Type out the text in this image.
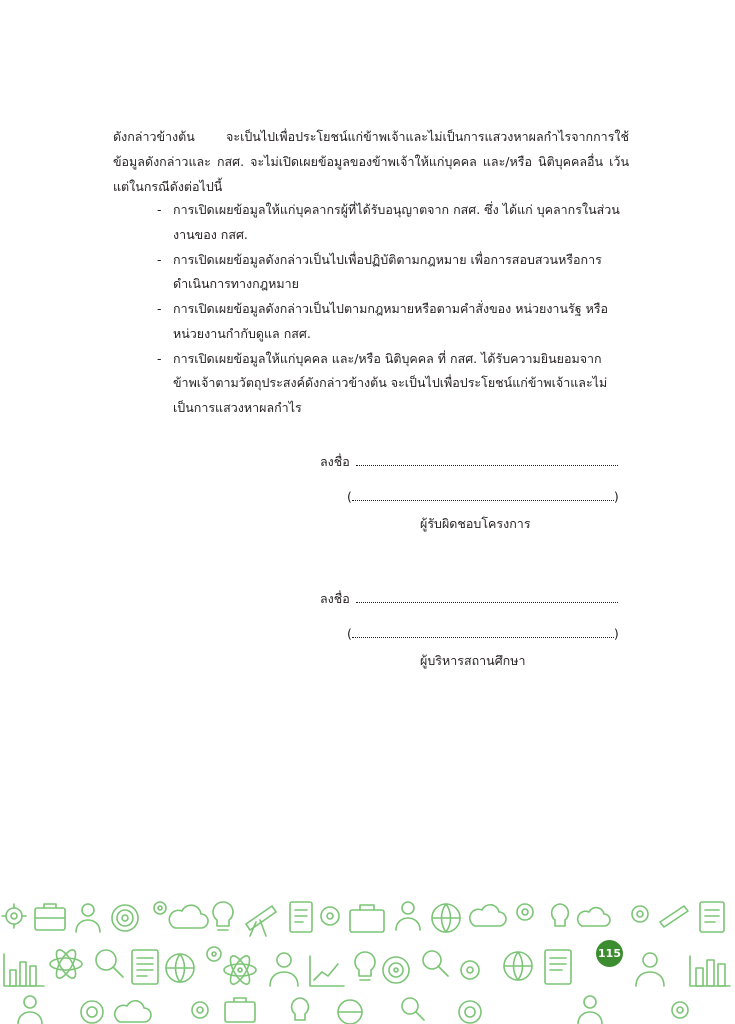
ดังกล่าวข้างต้น จะเป็นไปเพื่อประโยชน์แก่ข้าพเจ้าและไม่เป็นการแสวงหาผลกำไรจากการใช้ข้อมูลดังกล่าวและ กสศ. จะไม่เปิดเผยข้อมูลของข้าพเจ้าให้แก่บุคคล และ/หรือ นิติบุคคลอื่น เว้นแต่ในกรณีดังต่อไปนี้

- การเปิดเผยข้อมูลให้แก่บุคลากรผู้ที่ได้รับอนุญาตจาก กสศ. ซึ่ง ได้แก่ บุคลากรในส่วนงานของ กสศ.
- การเปิดเผยข้อมูลดังกล่าวเป็นไปเพื่อปฏิบัติตามกฎหมาย เพื่อการสอบสวนหรือการดำเนินการทางกฎหมาย
- การเปิดเผยข้อมูลดังกล่าวเป็นไปตามกฎหมายหรือตามคำสั่งของ หน่วยงานรัฐ หรือหน่วยงานกำกับดูแล กสศ.
- การเปิดเผยข้อมูลให้แก่บุคคล และ/หรือ นิติบุคคล ที่ กสศ. ได้รับความยินยอมจากข้าพเจ้าตามวัตถุประสงค์ดังกล่าวข้างต้น จะเป็นไปเพื่อประโยชน์แก่ข้าพเจ้าและไม่เป็นการแสวงหาผลกำไร
ลงชื่อ
(	)
ผู้รับผิดชอบโครงการ
ลงชื่อ
(	)
ผู้บริหารสถานศึกษา
115
